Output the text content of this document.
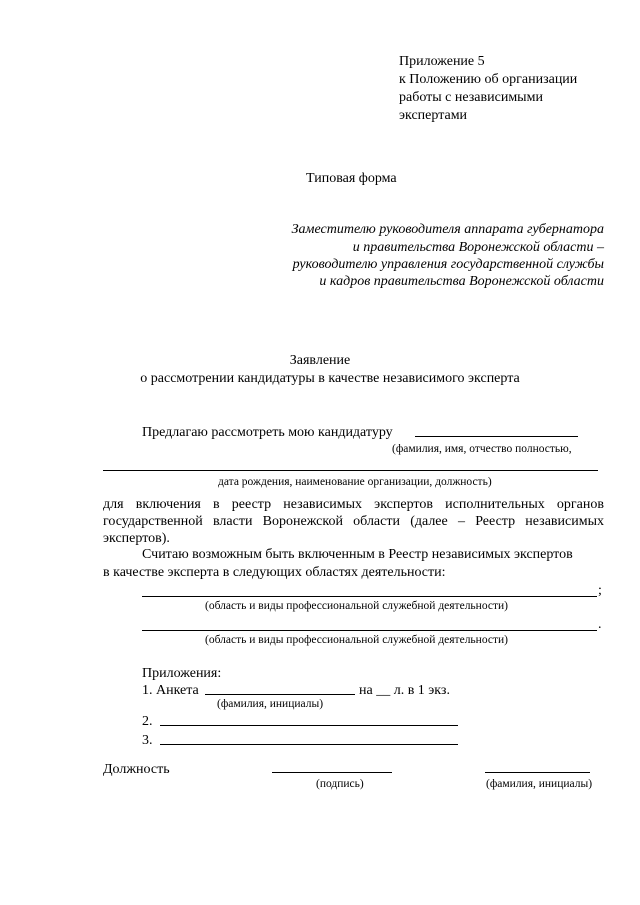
Приложение 5
к Положению об организации
работы с независимыми
экспертами
Типовая форма
Заместителю руководителя аппарата губернатора
и правительства Воронежской области –
руководителю управления государственной службы
и кадров правительства Воронежской области
Заявление
о рассмотрении кандидатуры в качестве независимого эксперта
Предлагаю рассмотреть мою кандидатуру
(фамилия, имя, отчество полностью,
дата рождения, наименование организации, должность)
для включения в реестр независимых экспертов исполнительных органов государственной власти Воронежской области (далее – Реестр независимых экспертов).
Считаю возможным быть включенным в Реестр независимых экспертов
в качестве эксперта в следующих областях деятельности:
;
(область и виды профессиональной служебной деятельности)
.
(область и виды профессиональной служебной деятельности)
Приложения:
1. Анкета	на __ л. в 1 экз.
(фамилия, инициалы)
2.
3.
Должность
(подпись)	(фамилия, инициалы)
